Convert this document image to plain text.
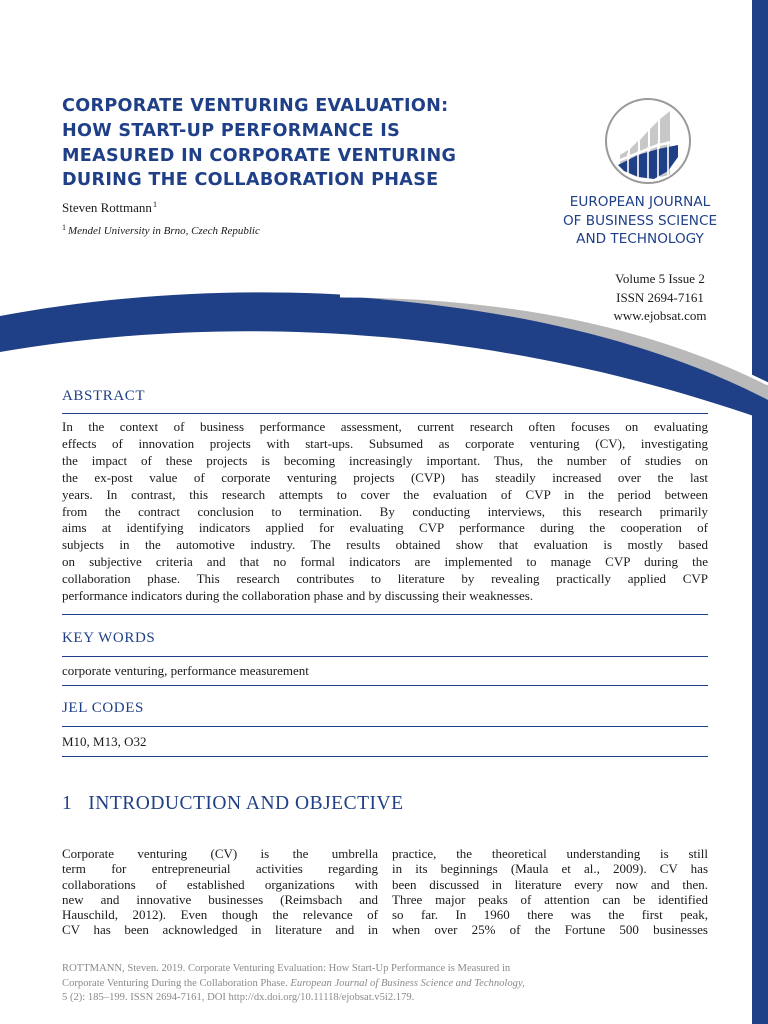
CORPORATE VENTURING EVALUATION:
HOW START-UP PERFORMANCE IS
MEASURED IN CORPORATE VENTURING
DURING THE COLLABORATION PHASE
Steven Rottmann$^1$
$^1$ Mendel University in Brno, Czech Republic
EUROPEAN JOURNAL
OF BUSINESS SCIENCE
AND TECHNOLOGY
Volume 5 Issue 2
ISSN 2694-7161
www.ejobsat.com
ABSTRACT
In the context of business performance assessment, current research often focuses on evaluating
effects of innovation projects with start-ups. Subsumed as corporate venturing (CV), investigating
the impact of these projects is becoming increasingly important. Thus, the number of studies on
the ex-post value of corporate venturing projects (CVP) has steadily increased over the last
years. In contrast, this research attempts to cover the evaluation of CVP in the period between
from the contract conclusion to termination. By conducting interviews, this research primarily
aims at identifying indicators applied for evaluating CVP performance during the cooperation of
subjects in the automotive industry. The results obtained show that evaluation is mostly based
on subjective criteria and that no formal indicators are implemented to manage CVP during the
collaboration phase. This research contributes to literature by revealing practically applied CVP
performance indicators during the collaboration phase and by discussing their weaknesses.
KEY WORDS
corporate venturing, performance measurement
JEL CODES
M10, M13, O32
1 INTRODUCTION AND OBJECTIVE
Corporate venturing (CV) is the umbrella
term for entrepreneurial activities regarding
collaborations of established organizations with
new and innovative businesses (Reimsbach and
Hauschild, 2012). Even though the relevance of
CV has been acknowledged in literature and in
practice, the theoretical understanding is still
in its beginnings (Maula et al., 2009). CV has
been discussed in literature every now and then.
Three major peaks of attention can be identified
so far. In 1960 there was the first peak,
when over 25% of the Fortune 500 businesses
ROTTMANN, Steven. 2019. Corporate Venturing Evaluation: How Start-Up Performance is Measured in
Corporate Venturing During the Collaboration Phase. European Journal of Business Science and Technology,
5 (2): 185–199. ISSN 2694-7161, DOI http://dx.doi.org/10.11118/ejobsat.v5i2.179.
